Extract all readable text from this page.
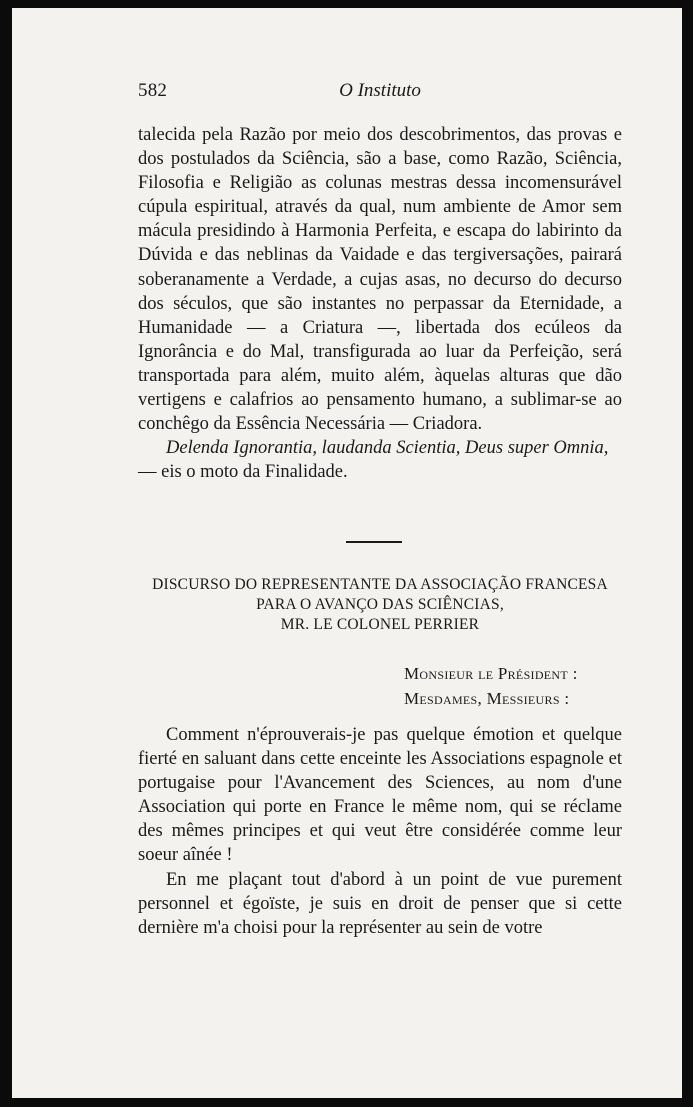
582	O Instituto

talecida pela Razão por meio dos descobrimentos, das provas e dos postulados da Sciência, são a base, como Razão, Sciência, Filosofia e Religião as colunas mestras dessa incomensurável cúpula espiritual, através da qual, num ambiente de Amor sem mácula presidindo à Harmonia Perfeita, e escapa do labirinto da Dúvida e das neblinas da Vaidade e das tergiversações, pairará soberanamente a Verdade, a cujas asas, no decurso do decurso dos séculos, que são instantes no perpassar da Eternidade, a Humanidade — a Criatura —, libertada dos ecúleos da Ignorância e do Mal, transfigurada ao luar da Perfeição, será transportada para além, muito além, àquelas alturas que dão vertigens e calafrios ao pensamento humano, a sublimar-se ao conchêgo da Essência Necessária — Criadora.

Delenda Ignorantia, laudanda Scientia, Deus super Omnia,

— eis o moto da Finalidade.

DISCURSO DO REPRESENTANTE DA ASSOCIAÇÃO FRANCESA
PARA O AVANÇO DAS SCIÊNCIAS,
MR. LE COLONEL PERRIER
Monsieur le Président :
Mesdames, Messieurs :

Comment n'éprouverais-je pas quelque émotion et quelque fierté en saluant dans cette enceinte les Associations espagnole et portugaise pour l'Avancement des Sciences, au nom d'une Association qui porte en France le même nom, qui se réclame des mêmes principes et qui veut être considérée comme leur soeur aînée !

En me plaçant tout d'abord à un point de vue purement personnel et égoïste, je suis en droit de penser que si cette dernière m'a choisi pour la représenter au sein de votre
